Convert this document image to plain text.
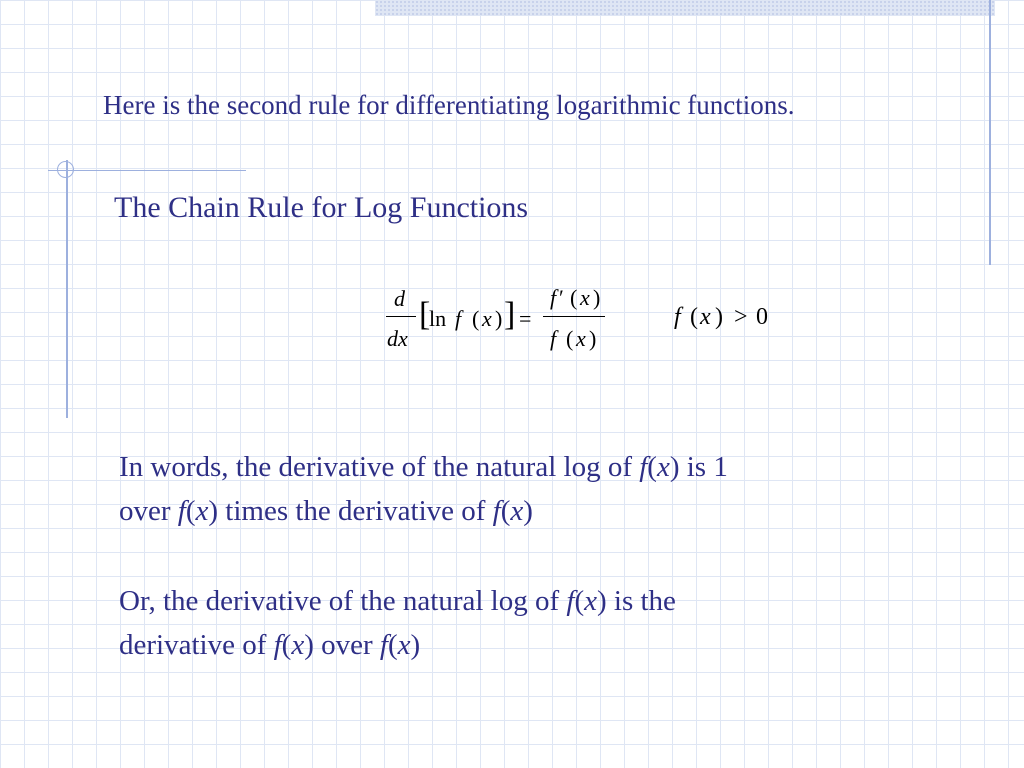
Here is the second rule for differentiating logarithmic functions.
The Chain Rule for Log Functions
d
dx
[
ln f ( x ) ] =
f ′ ( x )
f ( x )
f ( x ) > 0

In words, the derivative of the natural log of f(x) is 1
over f(x) times the derivative of f(x)

Or, the derivative of the natural log of f(x) is the
derivative of f(x) over f(x)
